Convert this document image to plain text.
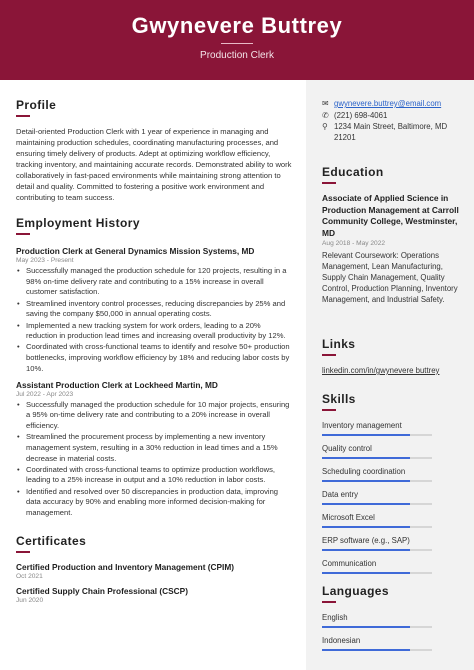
Gwynevere Buttrey
Production Clerk
Profile
Detail-oriented Production Clerk with 1 year of experience in managing and maintaining production schedules, coordinating manufacturing processes, and ensuring timely delivery of products. Adept at optimizing workflow efficiency, tracking inventory, and maintaining accurate records. Demonstrated ability to work collaboratively in fast-paced environments while maintaining strong attention to detail and quality. Committed to fostering a positive work environment and contributing to team success.
Employment History
Production Clerk at General Dynamics Mission Systems, MD
May 2023 - Present
• Successfully managed the production schedule for 120 projects, resulting in a 98% on-time delivery rate and contributing to a 15% increase in overall customer satisfaction.
• Streamlined inventory control processes, reducing discrepancies by 25% and saving the company $50,000 in annual operating costs.
• Implemented a new tracking system for work orders, leading to a 20% reduction in production lead times and increasing overall productivity by 12%.
• Coordinated with cross-functional teams to identify and resolve 50+ production bottlenecks, improving workflow efficiency by 18% and reducing labor costs by 10%.
Assistant Production Clerk at Lockheed Martin, MD
Jul 2022 - Apr 2023
• Successfully managed the production schedule for 10 major projects, ensuring a 95% on-time delivery rate and contributing to a 20% increase in overall efficiency.
• Streamlined the procurement process by implementing a new inventory management system, resulting in a 30% reduction in lead times and a 15% decrease in material costs.
• Coordinated with cross-functional teams to optimize production workflows, leading to a 25% increase in output and a 10% reduction in labor costs.
• Identified and resolved over 50 discrepancies in production data, improving data accuracy by 90% and enabling more informed decision-making for management.
Certificates
Certified Production and Inventory Management (CPIM)
Oct 2021
Certified Supply Chain Professional (CSCP)
Jun 2020
✉ gwynevere.buttrey@email.com
✆ (221) 698-4061
⚲ 1234 Main Street, Baltimore, MD 21201
Education
Associate of Applied Science in Production Management at Carroll Community College, Westminster, MD
Aug 2018 - May 2022
Relevant Coursework: Operations Management, Lean Manufacturing, Supply Chain Management, Quality Control, Production Planning, Inventory Management, and Industrial Safety.
Links
linkedin.com/in/gwynevere buttrey
Skills
Inventory management
Quality control
Scheduling coordination
Data entry
Microsoft Excel
ERP software (e.g., SAP)
Communication
Languages
English
Indonesian
